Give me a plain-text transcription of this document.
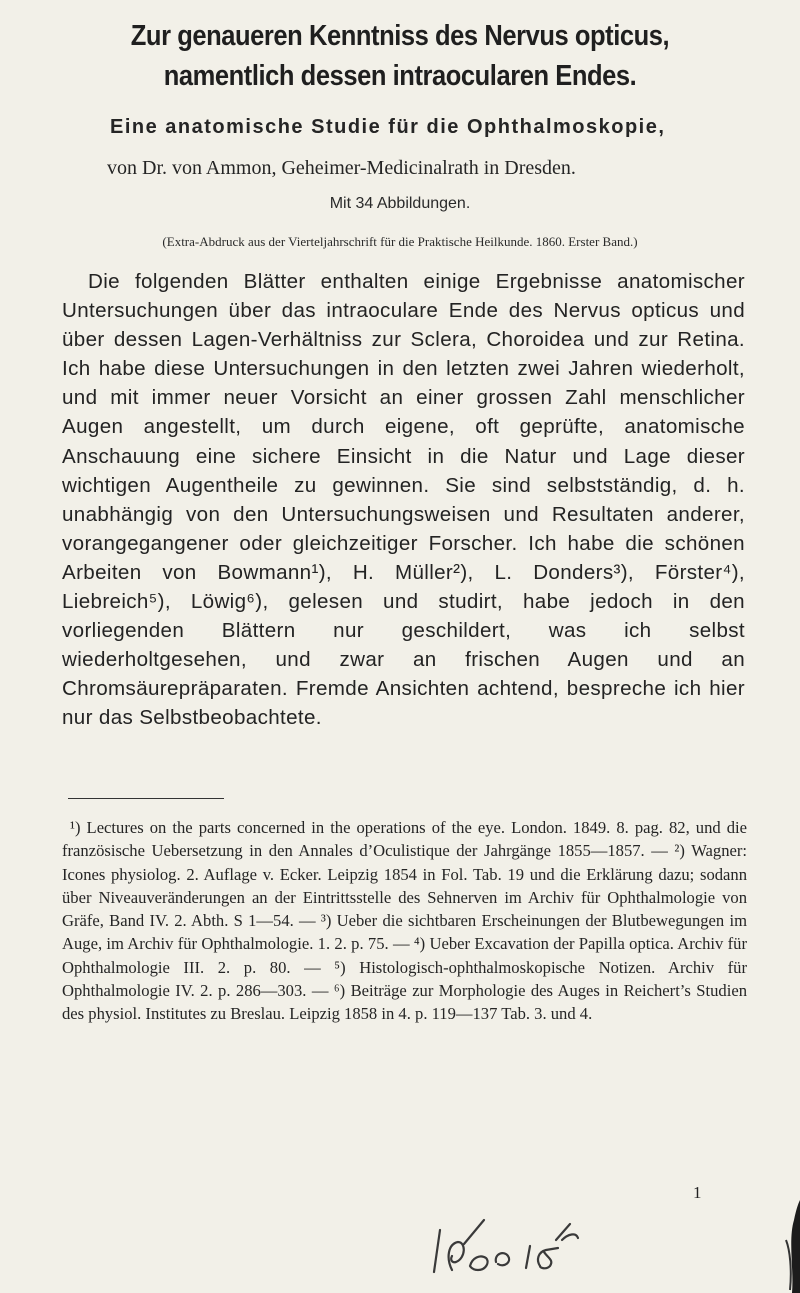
Zur genaueren Kenntniss des Nervus opticus,
namentlich dessen intraocularen Endes.
Eine anatomische Studie für die Ophthalmoskopie,
von Dr. von Ammon, Geheimer-Medicinalrath in Dresden.
Mit 34 Abbildungen.
(Extra-Abdruck aus der Vierteljahrschrift für die Praktische Heilkunde. 1860. Erster Band.)
Die folgenden Blätter enthalten einige Ergebnisse anatomischer Untersuchungen über das intraoculare Ende des Nervus opticus und über dessen Lagen-Verhältniss zur Sclera, Choroidea und zur Retina. Ich habe diese Untersuchungen in den letzten zwei Jahren wiederholt, und mit immer neuer Vorsicht an einer grossen Zahl menschlicher Augen angestellt, um durch eigene, oft geprüfte, anatomische Anschauung eine sichere Einsicht in die Natur und Lage dieser wichtigen Augentheile zu gewinnen. Sie sind selbstständig, d. h. unabhängig von den Untersuchungsweisen und Resultaten anderer, vorangegangener oder gleichzeitiger Forscher. Ich habe die schönen Arbeiten von Bowmann¹), H. Müller²), L. Donders³), Förster⁴), Liebreich⁵), Löwig⁶), gelesen und studirt, habe jedoch in den vorliegenden Blättern nur geschildert, was ich selbst wiederholtgesehen, und zwar an frischen Augen und an Chromsäurepräparaten. Fremde Ansichten achtend, bespreche ich hier nur das Selbstbeobachtete.
¹) Lectures on the parts concerned in the operations of the eye. London. 1849. 8. pag. 82, und die französische Uebersetzung in den Annales d’Oculistique der Jahrgänge 1855—1857. — ²) Wagner: Icones physiolog. 2. Auflage v. Ecker. Leipzig 1854 in Fol. Tab. 19 und die Erklärung dazu; sodann über Niveauveränderungen an der Eintrittsstelle des Sehnerven im Archiv für Ophthalmologie von Gräfe, Band IV. 2. Abth. S 1—54. — ³) Ueber die sichtbaren Erscheinungen der Blutbewegungen im Auge, im Archiv für Ophthalmologie. 1. 2. p. 75. — ⁴) Ueber Excavation der Papilla optica. Archiv für Ophthalmologie III. 2. p. 80. — ⁵) Histologisch-ophthalmoskopische Notizen. Archiv für Ophthalmologie IV. 2. p. 286—303. — ⁶) Beiträge zur Morphologie des Auges in Reichert’s Studien des physiol. Institutes zu Breslau. Leipzig 1858 in 4. p. 119—137 Tab. 3. und 4.
1
